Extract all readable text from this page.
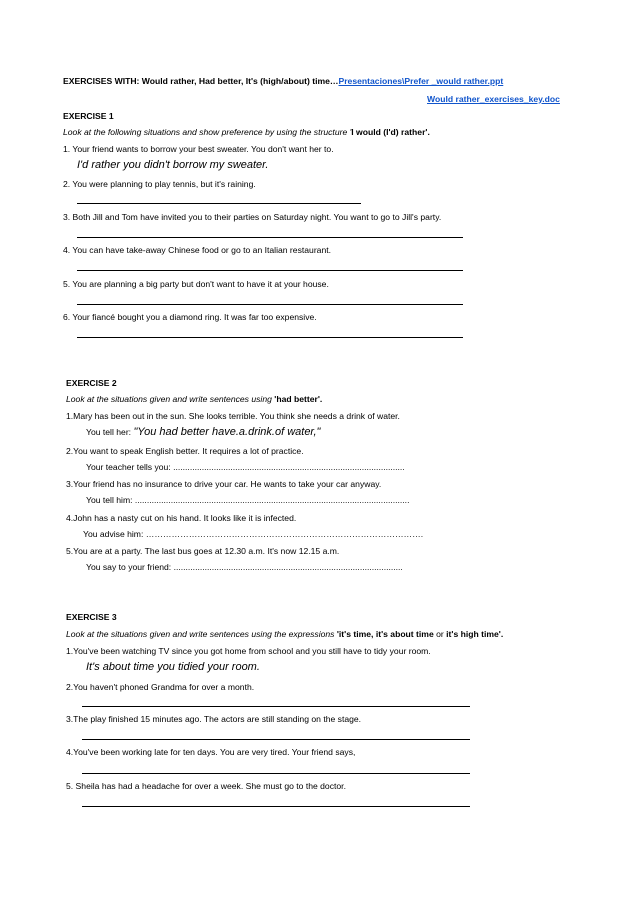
EXERCISES WITH: Would rather, Had better, It's (high/about) time…Presentaciones\Prefer _would rather.ppt
Would rather_exercises_key.doc
EXERCISE 1
Look at the following situations and show preference by using the structure 'I would (I'd) rather'.
1. Your friend wants to borrow your best sweater. You don't want her to.
I'd rather you didn't borrow my sweater.
2. You were planning to play tennis, but it's raining.
3. Both Jill and Tom have invited you to their parties on Saturday night. You want to go to Jill's party.
4. You can have take-away Chinese food or go to an Italian restaurant.
5. You are planning a big party but don't want to have it at your house.
6. Your fiancé bought you a diamond ring. It was far too expensive.
EXERCISE 2
Look at the situations given and write sentences using 'had better'.
1.Mary has been out in the sun. She looks terrible. You think she needs a drink of water.
You tell her: "You had better have.a.drink.of water,"
2.You want to speak English better. It requires a lot of practice.
Your teacher tells you: .................................................................................................
3.Your friend has no insurance to drive your car. He wants to take your car anyway.
You tell him: ...................................................................................................................
4.John has a nasty cut on his hand. It looks like it is infected.
You advise him: …………………………………………………………………………………….
5.You are at a party. The last bus goes at 12.30 a.m. It's now 12.15 a.m.
You say to your friend: ................................................................................................
EXERCISE 3
Look at the situations given and write sentences using the expressions 'it's time, it's about time or it's high time'.
1.You've been watching TV since you got home from school and you still have to tidy your room.
It's about time you tidied your room.
2.You haven't phoned Grandma for over a month.
3.The play finished 15 minutes ago. The actors are still standing on the stage.
4.You've been working late for ten days. You are very tired. Your friend says,
5. Sheila has had a headache for over a week. She must go to the doctor.
